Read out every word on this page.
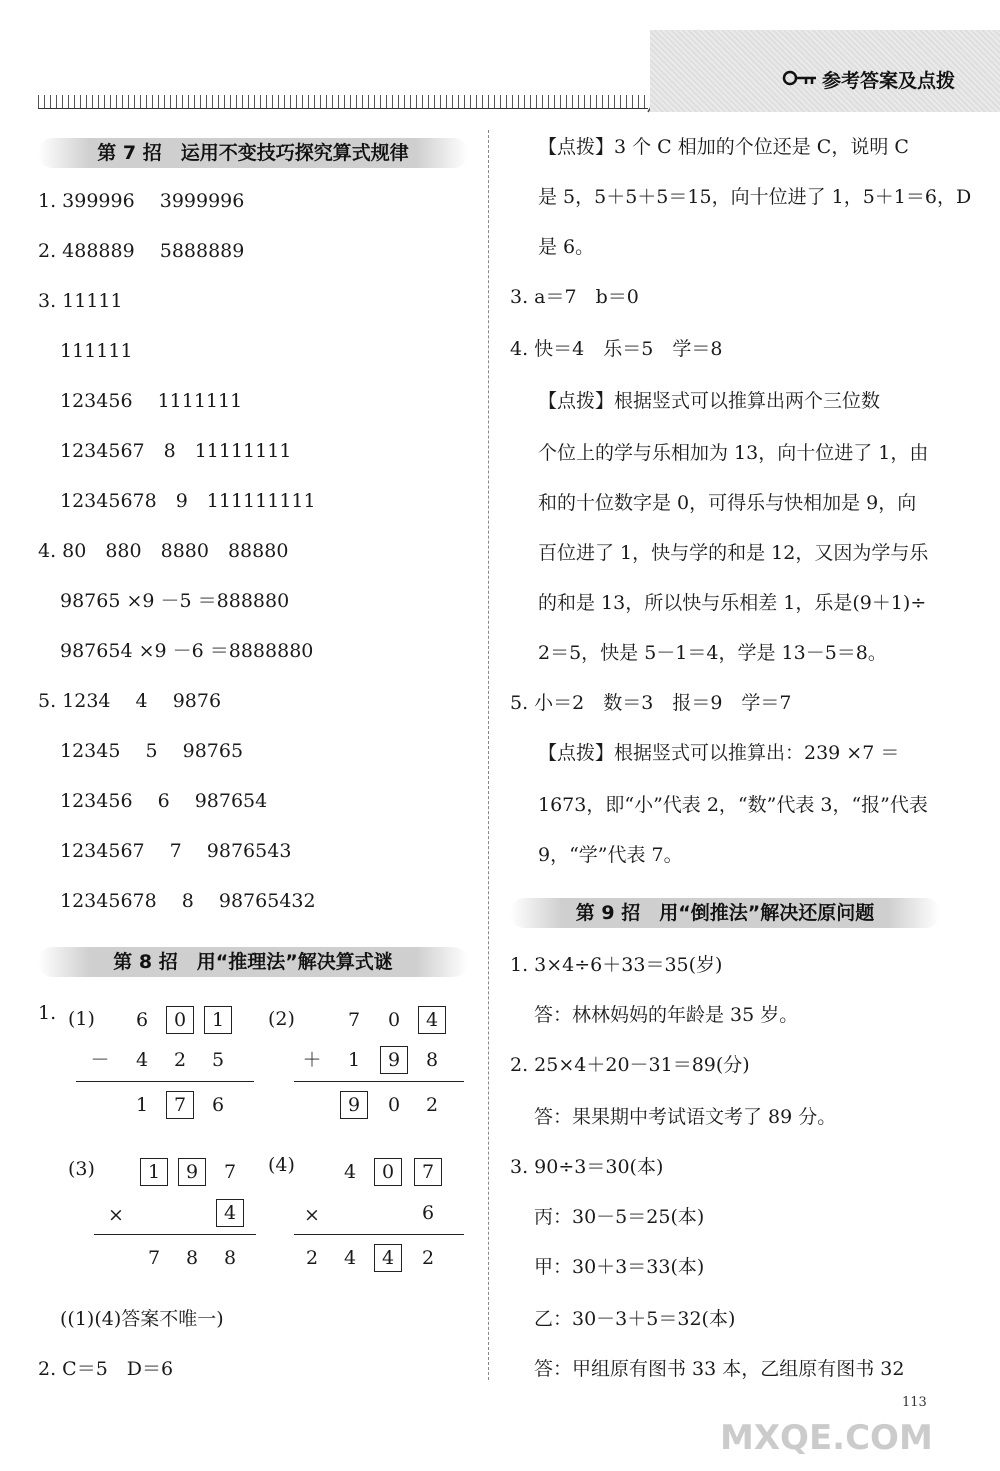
参考答案及点拨
第 7 招　运用不变技巧探究算式规律
1. 399996　 3999996
2. 488889　 5888889
3. 11111
111111
123456　 1111111
1234567　8　11111111
12345678　9　111111111
4. 80　880　8880　88880
98765 ×9 －5 ＝888880
987654 ×9 －6 ＝8888880
5. 1234　 4　 9876
12345　 5　 98765
123456　 6　 987654
1234567　 7　 9876543
12345678　 8　 98765432
第 8 招　用“推理法”解决算式谜
1. (1)	6	0	1
－	4	2	5
1	7	6
(2)	7	0	4
＋	1	9	8
9	0	2
(3)	1	9	7
×	4
7	8	8
(4)	4	0	7
×	6
2	4	4	2
((1)(4)答案不唯一)
2. C＝5　D＝6
【点拨】3 个 C 相加的个位还是 C，说明 C
是 5，5＋5＋5＝15，向十位进了 1，5＋1＝6，D
是 6。
3. a＝7　b＝0
4. 快＝4　乐＝5　学＝8
【点拨】根据竖式可以推算出两个三位数
个位上的学与乐相加为 13，向十位进了 1，由
和的十位数字是 0，可得乐与快相加是 9，向
百位进了 1，快与学的和是 12，又因为学与乐
的和是 13，所以快与乐相差 1，乐是(9＋1)÷
2＝5，快是 5－1＝4，学是 13－5＝8。
5. 小＝2　数＝3　报＝9　学＝7
【点拨】根据竖式可以推算出：239 ×7 ＝
1673，即“小”代表 2，“数”代表 3，“报”代表
9，“学”代表 7。
第 9 招　用“倒推法”解决还原问题
1. 3×4÷6＋33＝35(岁)
答：林林妈妈的年龄是 35 岁。
2. 25×4＋20－31＝89(分)
答：果果期中考试语文考了 89 分。
3. 90÷3＝30(本)
丙：30－5＝25(本)
甲：30＋3＝33(本)
乙：30－3＋5＝32(本)
答：甲组原有图书 33 本，乙组原有图书 32
113
MXQE.COM
